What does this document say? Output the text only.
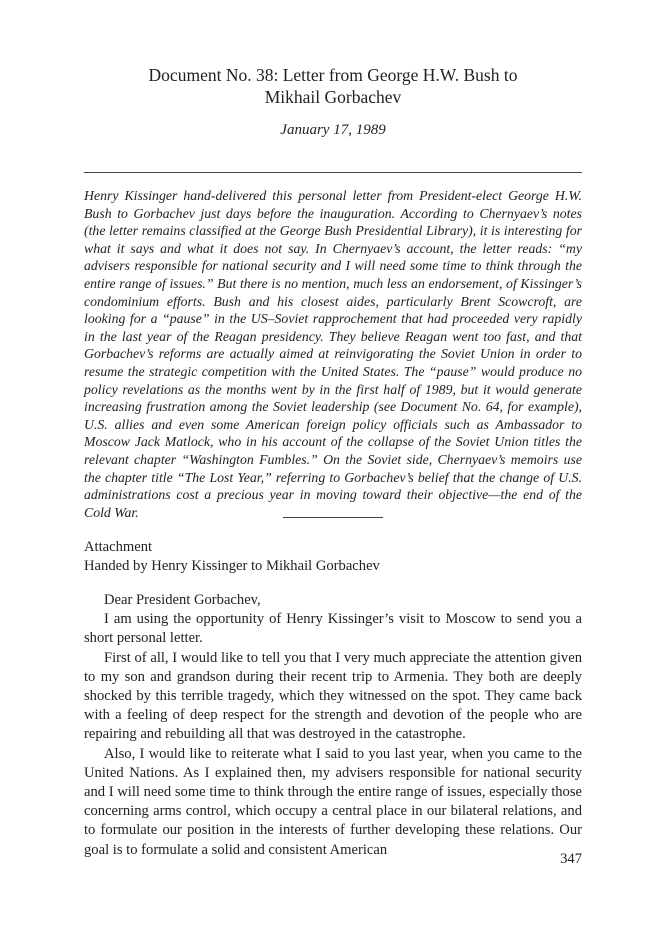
Document No. 38: Letter from George H.W. Bush to
Mikhail Gorbachev
January 17, 1989
Henry Kissinger hand-delivered this personal letter from President-elect George H.W. Bush to Gorbachev just days before the inauguration. According to Chernyaev’s notes (the letter remains classified at the George Bush Presidential Library), it is interesting for what it says and what it does not say. In Chernyaev’s account, the letter reads: “my advisers responsible for national security and I will need some time to think through the entire range of issues.” But there is no mention, much less an endorsement, of Kissinger’s condominium efforts. Bush and his closest aides, particularly Brent Scowcroft, are looking for a “pause” in the US–Soviet rapprochement that had proceeded very rapidly in the last year of the Reagan presidency. They believe Reagan went too fast, and that Gorbachev’s reforms are actually aimed at reinvigorating the Soviet Union in order to resume the strategic competition with the United States. The “pause” would produce no policy revelations as the months went by in the first half of 1989, but it would generate increasing frustration among the Soviet leadership (see Document No. 64, for example), U.S. allies and even some American foreign policy officials such as Ambassador to Moscow Jack Matlock, who in his account of the collapse of the Soviet Union titles the relevant chapter “Washington Fumbles.” On the Soviet side, Chernyaev’s memoirs use the chapter title “The Lost Year,” referring to Gorbachev’s belief that the change of U.S. administrations cost a precious year in moving toward their objective—the end of the Cold War.
Attachment
Handed by Henry Kissinger to Mikhail Gorbachev

Dear President Gorbachev,

I am using the opportunity of Henry Kissinger’s visit to Moscow to send you a short personal letter.

First of all, I would like to tell you that I very much appreciate the attention given to my son and grandson during their recent trip to Armenia. They both are deeply shocked by this terrible tragedy, which they witnessed on the spot. They came back with a feeling of deep respect for the strength and devotion of the people who are repairing and rebuilding all that was destroyed in the catastrophe.

Also, I would like to reiterate what I said to you last year, when you came to the United Nations. As I explained then, my advisers responsible for national security and I will need some time to think through the entire range of issues, especially those concerning arms control, which occupy a central place in our bilateral relations, and to formulate our position in the interests of further developing these relations. Our goal is to formulate a solid and consistent American

347
